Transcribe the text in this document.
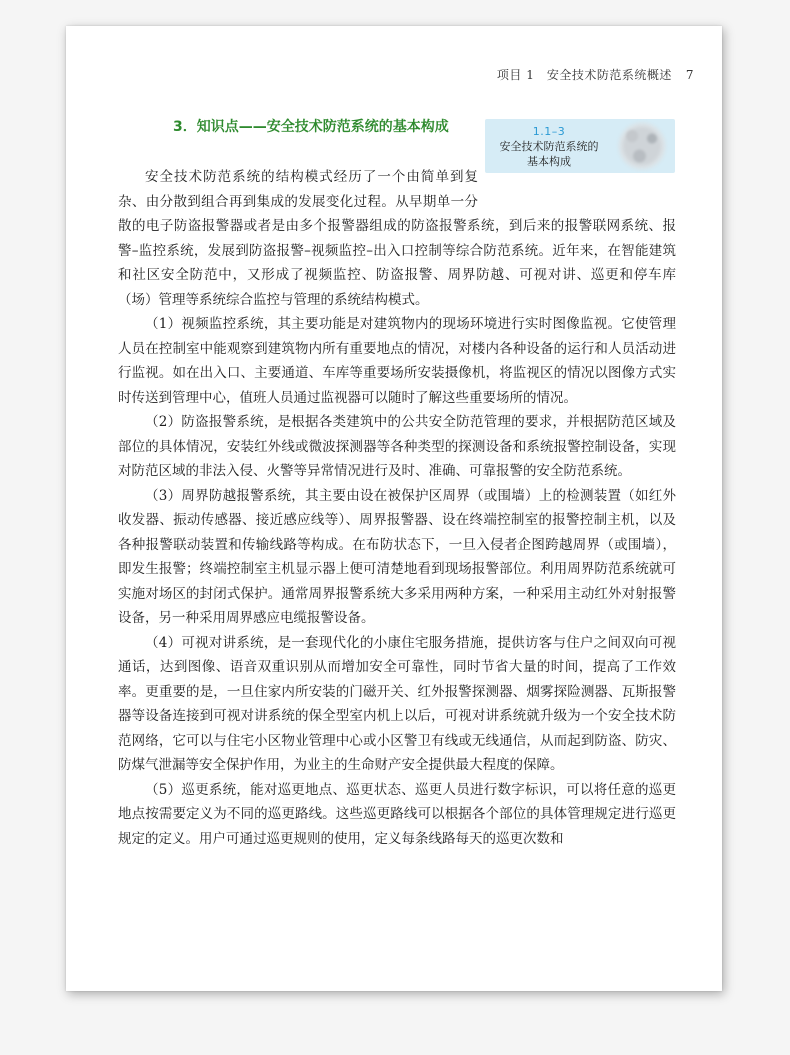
项目 1　安全技术防范系统概述 7
3．知识点——安全技术防范系统的基本构成	1.1–3
安全技术防范系统的
基本构成

安全技术防范系统的结构模式经历了一个由简单到复杂、由分散到组合再到集成的发展变化过程。从早期单一分散的电子防盗报警器或者是由多个报警器组成的防盗报警系统，到后来的报警联网系统、报警–监控系统，发展到防盗报警–视频监控–出入口控制等综合防范系统。近年来，在智能建筑和社区安全防范中，又形成了视频监控、防盗报警、周界防越、可视对讲、巡更和停车库（场）管理等系统综合监控与管理的系统结构模式。

（1）视频监控系统，其主要功能是对建筑物内的现场环境进行实时图像监视。它使管理人员在控制室中能观察到建筑物内所有重要地点的情况，对楼内各种设备的运行和人员活动进行监视。如在出入口、主要通道、车库等重要场所安装摄像机，将监视区的情况以图像方式实时传送到管理中心，值班人员通过监视器可以随时了解这些重要场所的情况。

（2）防盗报警系统，是根据各类建筑中的公共安全防范管理的要求，并根据防范区域及部位的具体情况，安装红外线或微波探测器等各种类型的探测设备和系统报警控制设备，实现对防范区域的非法入侵、火警等异常情况进行及时、准确、可靠报警的安全防范系统。

（3）周界防越报警系统，其主要由设在被保护区周界（或围墙）上的检测装置（如红外收发器、振动传感器、接近感应线等）、周界报警器、设在终端控制室的报警控制主机，以及各种报警联动装置和传输线路等构成。在布防状态下，一旦入侵者企图跨越周界（或围墙），即发生报警；终端控制室主机显示器上便可清楚地看到现场报警部位。利用周界防范系统就可实施对场区的封闭式保护。通常周界报警系统大多采用两种方案，一种采用主动红外对射报警设备，另一种采用周界感应电缆报警设备。

（4）可视对讲系统，是一套现代化的小康住宅服务措施，提供访客与住户之间双向可视通话，达到图像、语音双重识别从而增加安全可靠性，同时节省大量的时间，提高了工作效率。更重要的是，一旦住家内所安装的门磁开关、红外报警探测器、烟雾探险测器、瓦斯报警器等设备连接到可视对讲系统的保全型室内机上以后，可视对讲系统就升级为一个安全技术防范网络，它可以与住宅小区物业管理中心或小区警卫有线或无线通信，从而起到防盗、防灾、防煤气泄漏等安全保护作用，为业主的生命财产安全提供最大程度的保障。

（5）巡更系统，能对巡更地点、巡更状态、巡更人员进行数字标识，可以将任意的巡更地点按需要定义为不同的巡更路线。这些巡更路线可以根据各个部位的具体管理规定进行巡更规定的定义。用户可通过巡更规则的使用，定义每条线路每天的巡更次数和
